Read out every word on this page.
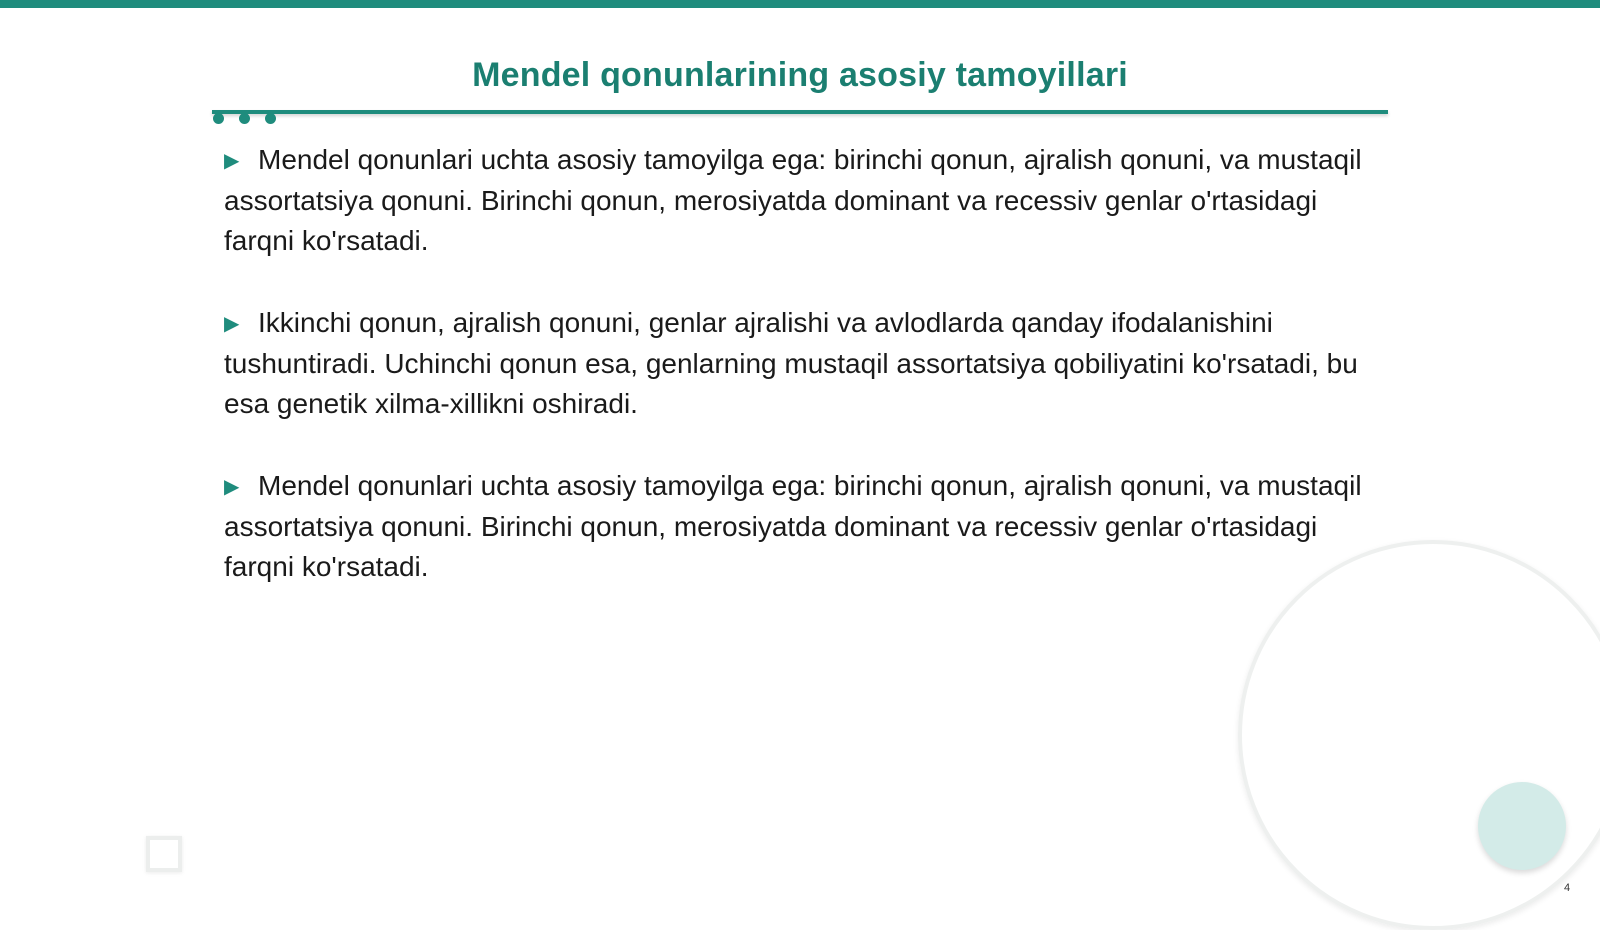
Mendel qonunlarining asosiy tamoyillari

▶ Mendel qonunlari uchta asosiy tamoyilga ega: birinchi qonun, ajralish qonuni, va mustaqil assortatsiya qonuni. Birinchi qonun, merosiyatda dominant va recessiv genlar o'rtasidagi farqni ko'rsatadi.

▶ Ikkinchi qonun, ajralish qonuni, genlar ajralishi va avlodlarda qanday ifodalanishini tushuntiradi. Uchinchi qonun esa, genlarning mustaqil assortatsiya qobiliyatini ko'rsatadi, bu esa genetik xilma-xillikni oshiradi.

▶ Mendel qonunlari uchta asosiy tamoyilga ega: birinchi qonun, ajralish qonuni, va mustaqil assortatsiya qonuni. Birinchi qonun, merosiyatda dominant va recessiv genlar o'rtasidagi farqni ko'rsatadi.

4
